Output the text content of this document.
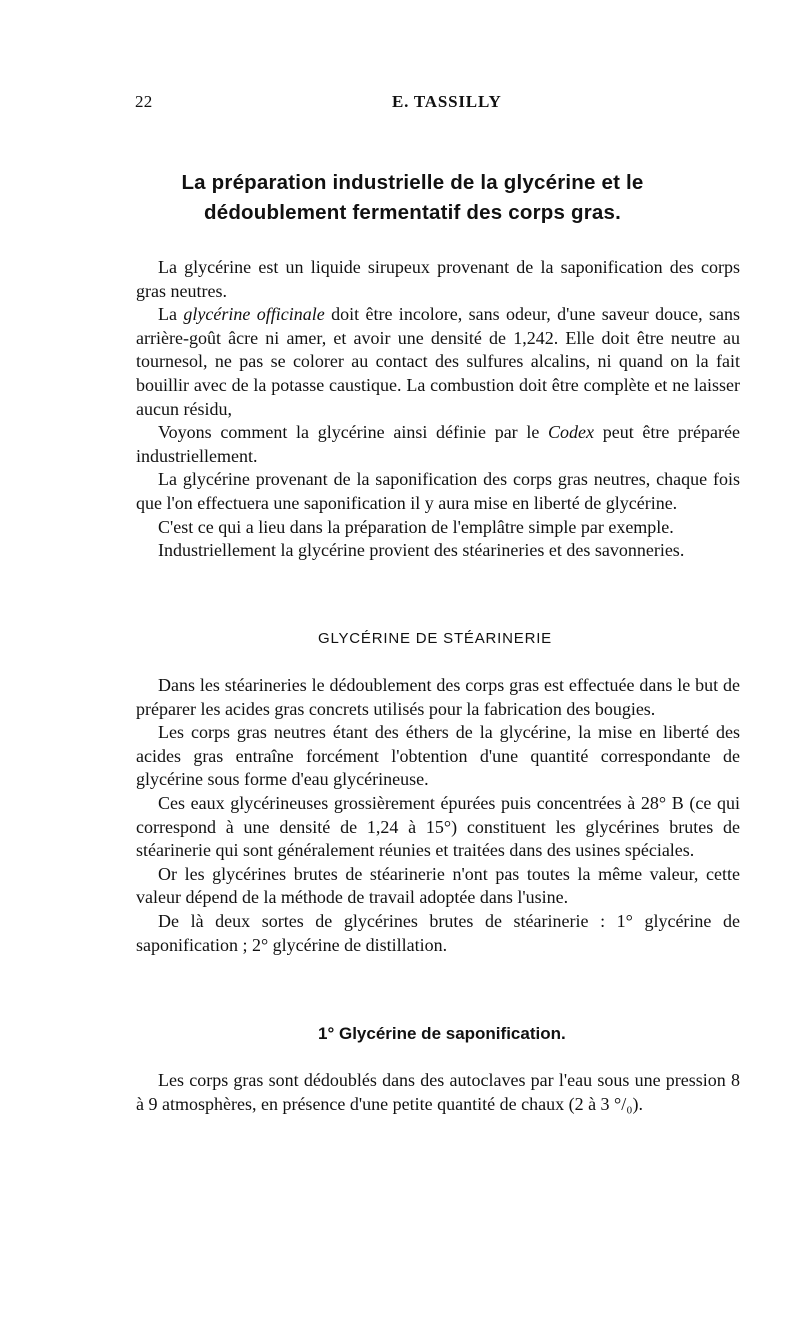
22	E. TASSILLY
La préparation industrielle de la glycérine et le
dédoublement fermentatif des corps gras.

La glycérine est un liquide sirupeux provenant de la saponification des corps gras neutres.

La glycérine officinale doit être incolore, sans odeur, d'une saveur douce, sans arrière-goût âcre ni amer, et avoir une densité de 1,242. Elle doit être neutre au tournesol, ne pas se colorer au contact des sulfures alcalins, ni quand on la fait bouillir avec de la potasse caustique. La combustion doit être complète et ne laisser aucun résidu,

Voyons comment la glycérine ainsi définie par le Codex peut être préparée industriellement.

La glycérine provenant de la saponification des corps gras neutres, chaque fois que l'on effectuera une saponification il y aura mise en liberté de glycérine.

C'est ce qui a lieu dans la préparation de l'emplâtre simple par exemple.

Industriellement la glycérine provient des stéarineries et des savonneries.

GLYCÉRINE DE STÉARINERIE

Dans les stéarineries le dédoublement des corps gras est effectuée dans le but de préparer les acides gras concrets utilisés pour la fabrication des bougies.

Les corps gras neutres étant des éthers de la glycérine, la mise en liberté des acides gras entraîne forcément l'obtention d'une quantité correspondante de glycérine sous forme d'eau glycérineuse.

Ces eaux glycérineuses grossièrement épurées puis concentrées à 28° B (ce qui correspond à une densité de 1,24 à 15°) constituent les glycérines brutes de stéarinerie qui sont généralement réunies et traitées dans des usines spéciales.

Or les glycérines brutes de stéarinerie n'ont pas toutes la même valeur, cette valeur dépend de la méthode de travail adoptée dans l'usine.

De là deux sortes de glycérines brutes de stéarinerie : 1° glycérine de saponification ; 2° glycérine de distillation.

1° Glycérine de saponification.

Les corps gras sont dédoublés dans des autoclaves par l'eau sous une pression 8 à 9 atmosphères, en présence d'une petite quantité de chaux (2 à 3 °/₀).
